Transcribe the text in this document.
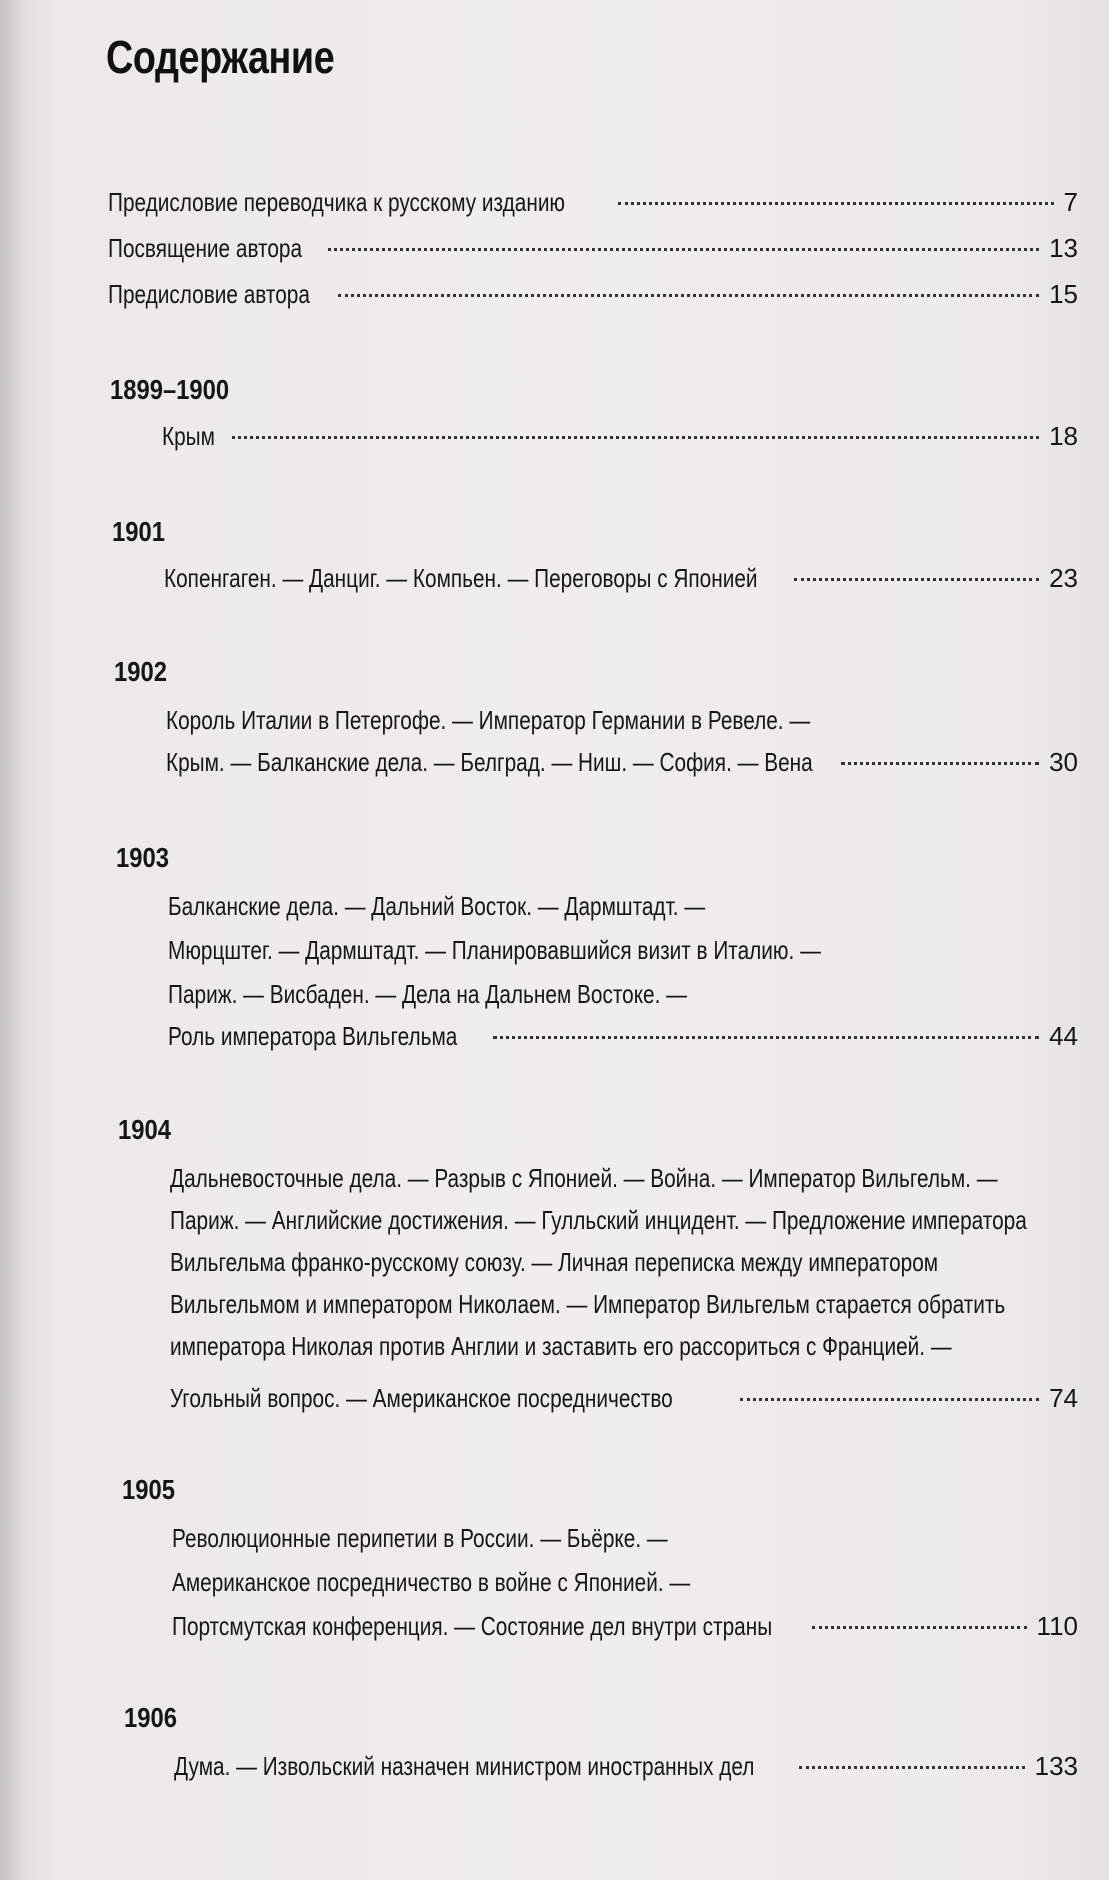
Содержание
Предисловие переводчика к русскому изданию	7
Посвящение автора	13
Предисловие автора	15
1899–1900
Крым	18
1901
Копенгаген. — Данциг. — Компьен. — Переговоры с Японией	23
1902
Король Италии в Петергофе. — Император Германии в Ревеле. —
Крым. — Балканские дела. — Белград. — Ниш. — София. — Вена	30
1903
Балканские дела. — Дальний Восток. — Дармштадт. —
Мюрцштег. — Дармштадт. — Планировавшийся визит в Италию. —
Париж. — Висбаден. — Дела на Дальнем Востоке. —
Роль императора Вильгельма	44
1904
Дальневосточные дела. — Разрыв с Японией. — Война. — Император Вильгельм. —
Париж. — Английские достижения. — Гулльский инцидент. — Предложение императора
Вильгельма франко-русскому союзу. — Личная переписка между императором
Вильгельмом и императором Николаем. — Император Вильгельм старается обратить
императора Николая против Англии и заставить его рассориться с Францией. —
Угольный вопрос. — Американское посредничество	74
1905
Революционные перипетии в России. — Бьёрке. —
Американское посредничество в войне с Японией. —
Портсмутская конференция. — Состояние дел внутри страны	110
1906
Дума. — Извольский назначен министром иностранных дел	133
